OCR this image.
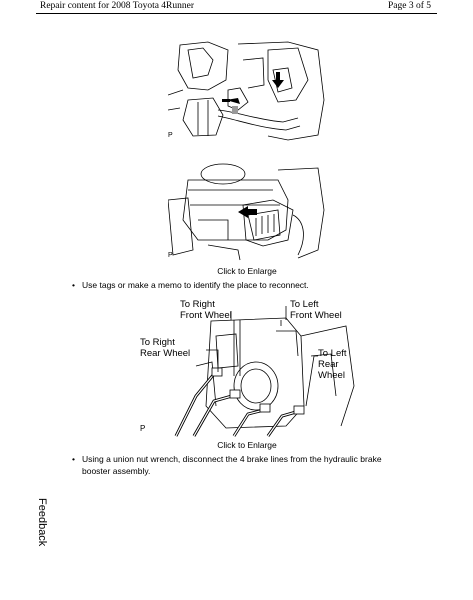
Repair content for 2008 Toyota 4Runner	Page 3 of 5
P
P
Click to Enlarge
• Use tags or make a memo to identify the place to reconnect.
To Right
Front Wheel
To Left
Front Wheel
To Right
Rear Wheel	To Left
Rear
Wheel
P
Click to Enlarge
• Using a union nut wrench, disconnect the 4 brake lines from the hydraulic brake booster assembly.
Feedback
